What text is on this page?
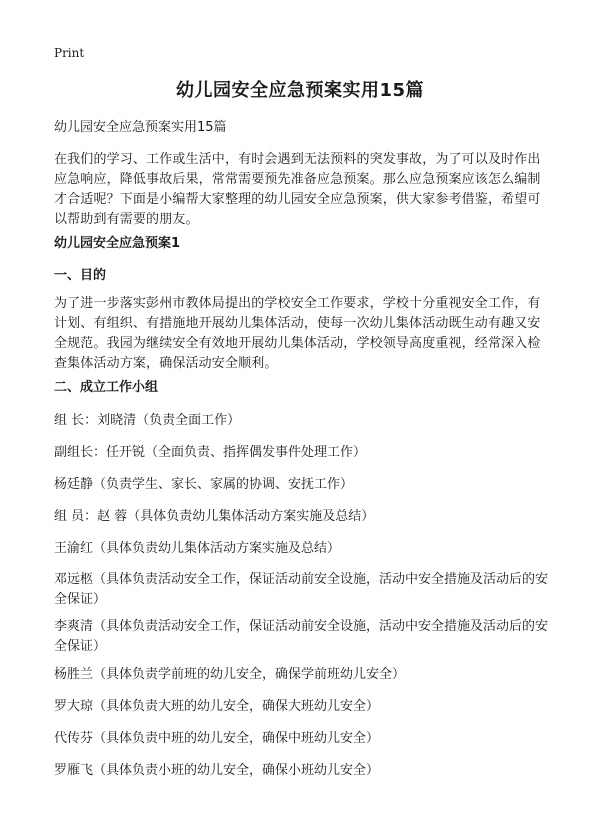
Print
幼儿园安全应急预案实用15篇

幼儿园安全应急预案实用15篇

在我们的学习、工作或生活中，有时会遇到无法预料的突发事故，为了可以及时作出应急响应，降低事故后果，常常需要预先准备应急预案。那么应急预案应该怎么编制才合适呢？下面是小编帮大家整理的幼儿园安全应急预案，供大家参考借鉴，希望可以帮助到有需要的朋友。

幼儿园安全应急预案1

一、目的

为了进一步落实彭州市教体局提出的学校安全工作要求，学校十分重视安全工作，有计划、有组织、有措施地开展幼儿集体活动，使每一次幼儿集体活动既生动有趣又安全规范。我园为继续安全有效地开展幼儿集体活动，学校领导高度重视，经常深入检查集体活动方案，确保活动安全顺利。

二、成立工作小组

组 长：刘晓清（负责全面工作）

副组长：任开锐（全面负责、指挥偶发事件处理工作）

杨廷静（负责学生、家长、家属的协调、安抚工作）

组 员：赵 蓉（具体负责幼儿集体活动方案实施及总结）

王渝红（具体负责幼儿集体活动方案实施及总结）

邓远柩（具体负责活动安全工作，保证活动前安全设施，活动中安全措施及活动后的安全保证）

李爽清（具体负责活动安全工作，保证活动前安全设施，活动中安全措施及活动后的安全保证）

杨胜兰（具体负责学前班的幼儿安全，确保学前班幼儿安全）

罗大琼（具体负责大班的幼儿安全，确保大班幼儿安全）

代传芬（具体负责中班的幼儿安全，确保中班幼儿安全）

罗雁飞（具体负责小班的幼儿安全，确保小班幼儿安全）
